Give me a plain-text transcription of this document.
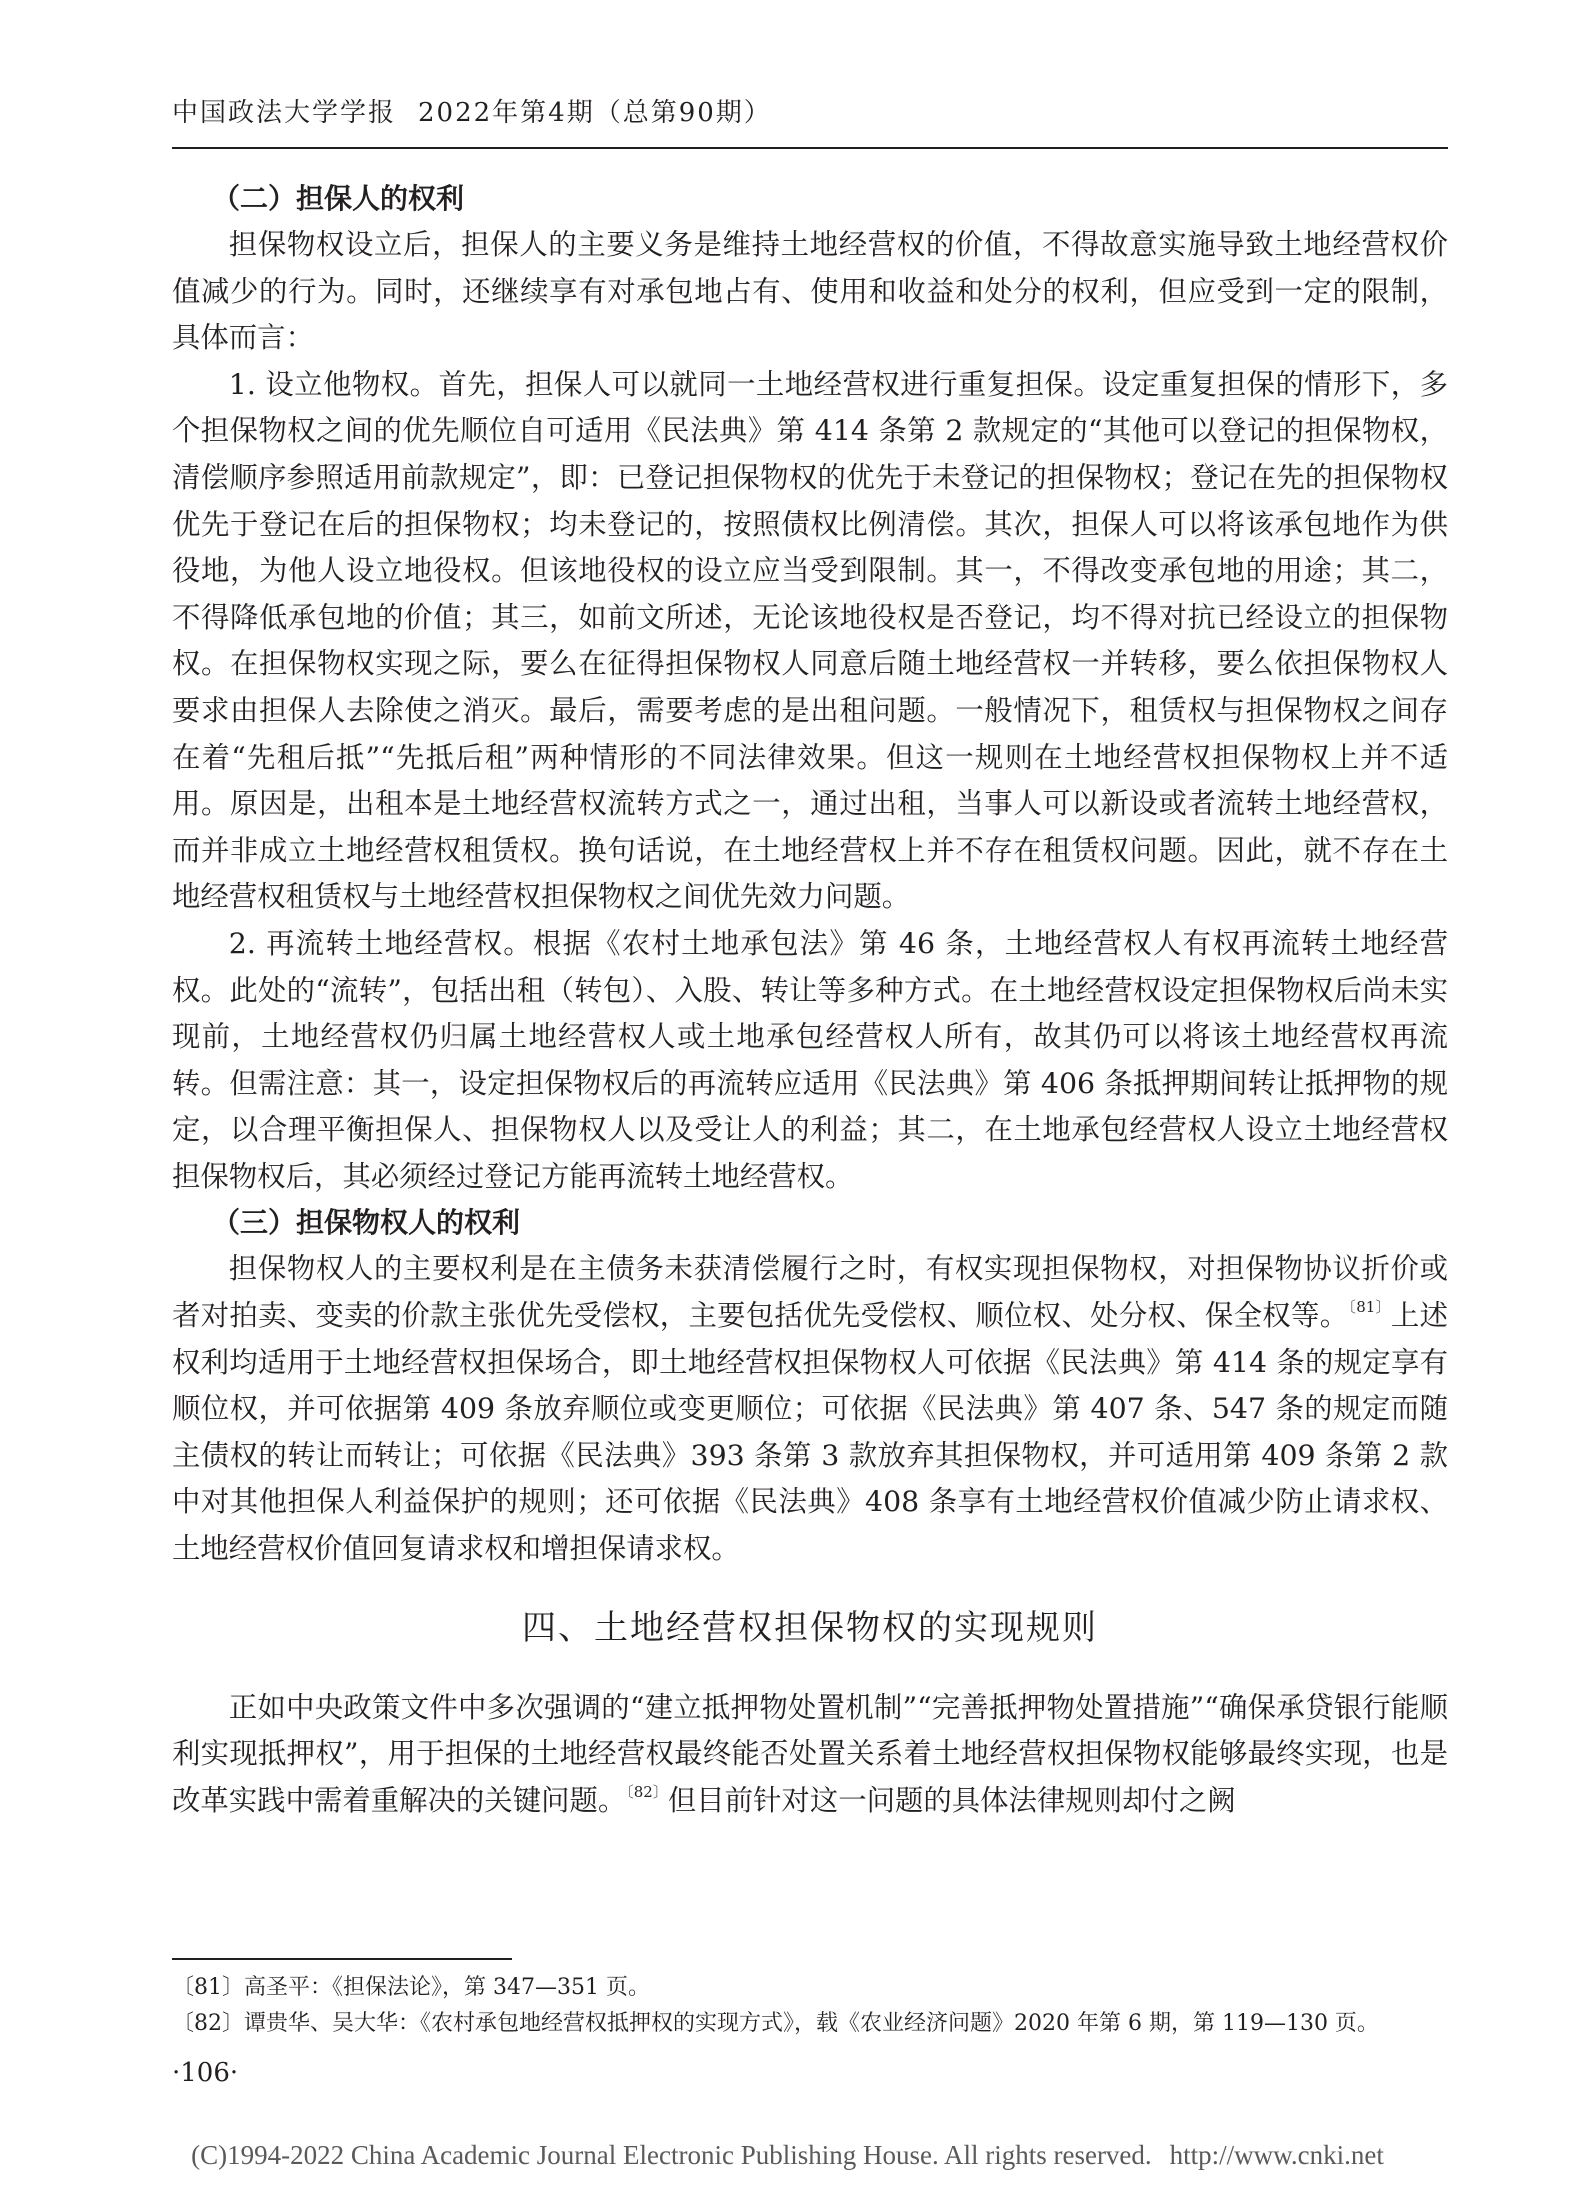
中国政法大学学报 2022年第4期（总第90期）

（二）担保人的权利

担保物权设立后，担保人的主要义务是维持土地经营权的价值，不得故意实施导致土地经营权价值减少的行为。同时，还继续享有对承包地占有、使用和收益和处分的权利，但应受到一定的限制，具体而言：

1. 设立他物权。首先，担保人可以就同一土地经营权进行重复担保。设定重复担保的情形下，多个担保物权之间的优先顺位自可适用《民法典》第 414 条第 2 款规定的“其他可以登记的担保物权，清偿顺序参照适用前款规定”，即：已登记担保物权的优先于未登记的担保物权；登记在先的担保物权优先于登记在后的担保物权；均未登记的，按照债权比例清偿。其次，担保人可以将该承包地作为供役地，为他人设立地役权。但该地役权的设立应当受到限制。其一，不得改变承包地的用途；其二，不得降低承包地的价值；其三，如前文所述，无论该地役权是否登记，均不得对抗已经设立的担保物权。在担保物权实现之际，要么在征得担保物权人同意后随土地经营权一并转移，要么依担保物权人要求由担保人去除使之消灭。最后，需要考虑的是出租问题。一般情况下，租赁权与担保物权之间存在着“先租后抵”“先抵后租”两种情形的不同法律效果。但这一规则在土地经营权担保物权上并不适用。原因是，出租本是土地经营权流转方式之一，通过出租，当事人可以新设或者流转土地经营权，而并非成立土地经营权租赁权。换句话说，在土地经营权上并不存在租赁权问题。因此，就不存在土地经营权租赁权与土地经营权担保物权之间优先效力问题。

2. 再流转土地经营权。根据《农村土地承包法》第 46 条，土地经营权人有权再流转土地经营权。此处的“流转”，包括出租（转包）、入股、转让等多种方式。在土地经营权设定担保物权后尚未实现前，土地经营权仍归属土地经营权人或土地承包经营权人所有，故其仍可以将该土地经营权再流转。但需注意：其一，设定担保物权后的再流转应适用《民法典》第 406 条抵押期间转让抵押物的规定，以合理平衡担保人、担保物权人以及受让人的利益；其二，在土地承包经营权人设立土地经营权担保物权后，其必须经过登记方能再流转土地经营权。

（三）担保物权人的权利

担保物权人的主要权利是在主债务未获清偿履行之时，有权实现担保物权，对担保物协议折价或者对拍卖、变卖的价款主张优先受偿权，主要包括优先受偿权、顺位权、处分权、保全权等。$^{〔81〕}$上述权利均适用于土地经营权担保场合，即土地经营权担保物权人可依据《民法典》第 414 条的规定享有顺位权，并可依据第 409 条放弃顺位或变更顺位；可依据《民法典》第 407 条、547 条的规定而随主债权的转让而转让；可依据《民法典》393 条第 3 款放弃其担保物权，并可适用第 409 条第 2 款中对其他担保人利益保护的规则；还可依据《民法典》408 条享有土地经营权价值减少防止请求权、土地经营权价值回复请求权和增担保请求权。

四、土地经营权担保物权的实现规则

正如中央政策文件中多次强调的“建立抵押物处置机制”“完善抵押物处置措施”“确保承贷银行能顺利实现抵押权”，用于担保的土地经营权最终能否处置关系着土地经营权担保物权能够最终实现，也是改革实践中需着重解决的关键问题。$^{〔82〕}$但目前针对这一问题的具体法律规则却付之阙

〔81〕高圣平：《担保法论》，第 347—351 页。

〔82〕谭贵华、吴大华：《农村承包地经营权抵押权的实现方式》，载《农业经济问题》2020 年第 6 期，第 119—130 页。

·106·
(C)1994-2022 China Academic Journal Electronic Publishing House. All rights reserved. http://www.cnki.net
